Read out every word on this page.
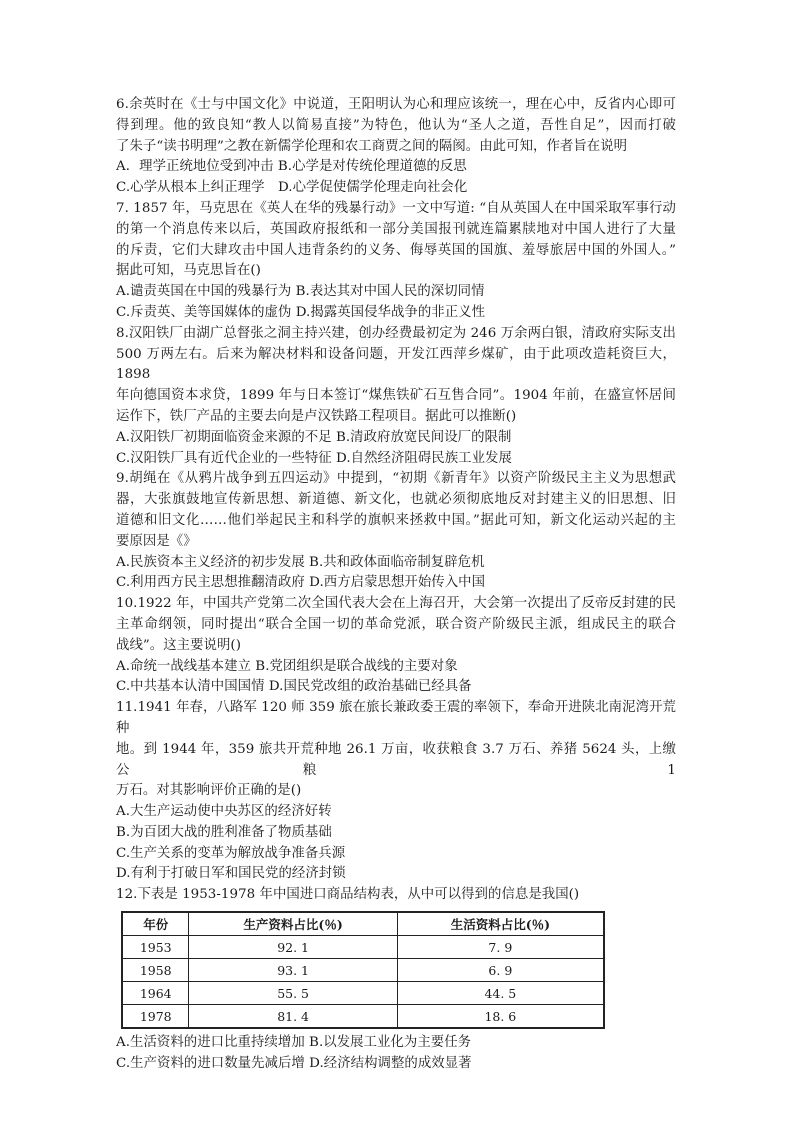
6.余英时在《士与中国文化》中说道，王阳明认为心和理应该统一，理在心中，反省内心即可
得到理。他的致良知“教人以简易直接”为特色，他认为“圣人之道，吾性自足”，因而打破
了朱子“读书明理”之教在新儒学伦理和农工商贾之间的隔阂。由此可知，作者旨在说明
A．理学正统地位受到冲击 B.心学是对传统伦理道德的反思
C.心学从根本上纠正理学　D.心学促使儒学伦理走向社会化
7. 1857 年，马克思在《英人在华的残暴行动》一文中写道: “自从英国人在中国采取军事行动
的第一个消息传来以后，英国政府报纸和一部分美国报刊就连篇累牍地对中国人进行了大量
的斥责，它们大肆攻击中国人违背条约的义务、侮辱英国的国旗、羞辱旅居中国的外国人。”
据此可知，马克思旨在()
A.谴责英国在中国的残暴行为 B.表达其对中国人民的深切同情
C.斥责英、美等国媒体的虚伪 D.揭露英国侵华战争的非正义性
8.汉阳铁厂由湖广总督张之洞主持兴建，创办经费最初定为 246 万余两白银，清政府实际支出
500 万两左右。后来为解决材料和设备问题，开发江西萍乡煤矿，由于此项改造耗资巨大，1898
年向德国资本求贷，1899 年与日本签订“煤焦铁矿石互售合同”。1904 年前，在盛宣怀居间
运作下，铁厂产品的主要去向是卢汉铁路工程项目。据此可以推断()
A.汉阳铁厂初期面临资金来源的不足 B.清政府放宽民间设厂的限制
C.汉阳铁厂具有近代企业的一些特征 D.自然经济阻碍民族工业发展
9.胡绳在《从鸦片战争到五四运动》中提到，“初期《新青年》以资产阶级民主主义为思想武
器，大张旗鼓地宣传新思想、新道德、新文化，也就必须彻底地反对封建主义的旧思想、旧
道德和旧文化……他们举起民主和科学的旗帜来拯救中国。”据此可知，新文化运动兴起的主
要原因是《》
A.民族资本主义经济的初步发展 B.共和政体面临帝制复辟危机
C.利用西方民主思想推翻清政府 D.西方启蒙思想开始传入中国
10.1922 年，中国共产党第二次全国代表大会在上海召开，大会第一次提出了反帝反封建的民
主革命纲领，同时提出“联合全国一切的革命党派，联合资产阶级民主派，组成民主的联合
战线”。这主要说明()
A.命统一战线基本建立 B.党团组织是联合战线的主要对象
C.中共基本认清中国国情 D.国民党改组的政治基础已经具备
11.1941 年春，八路军 120 师 359 旅在旅长兼政委王震的率领下，奉命开进陕北南泥湾开荒种
地。到 1944 年，359 旅共开荒种地 26.1 万亩，收获粮食 3.7 万石、养猪 5624 头，上缴公粮 1
万石。对其影响评价正确的是()
A.大生产运动使中央苏区的经济好转
B.为百团大战的胜利准备了物质基础
C.生产关系的变革为解放战争准备兵源
D.有利于打破日军和国民党的经济封锁
12.下表是 1953-1978 年中国进口商品结构表，从中可以得到的信息是我国()
年份	生产资料占比(％)	生活资料占比(％)
1953	92. 1	7. 9
1958	93. 1	6. 9
1964	55. 5	44. 5
1978	81. 4	18. 6
A.生活资料的进口比重持续增加 B.以发展工业化为主要任务
C.生产资料的进口数量先减后增 D.经济结构调整的成效显著
